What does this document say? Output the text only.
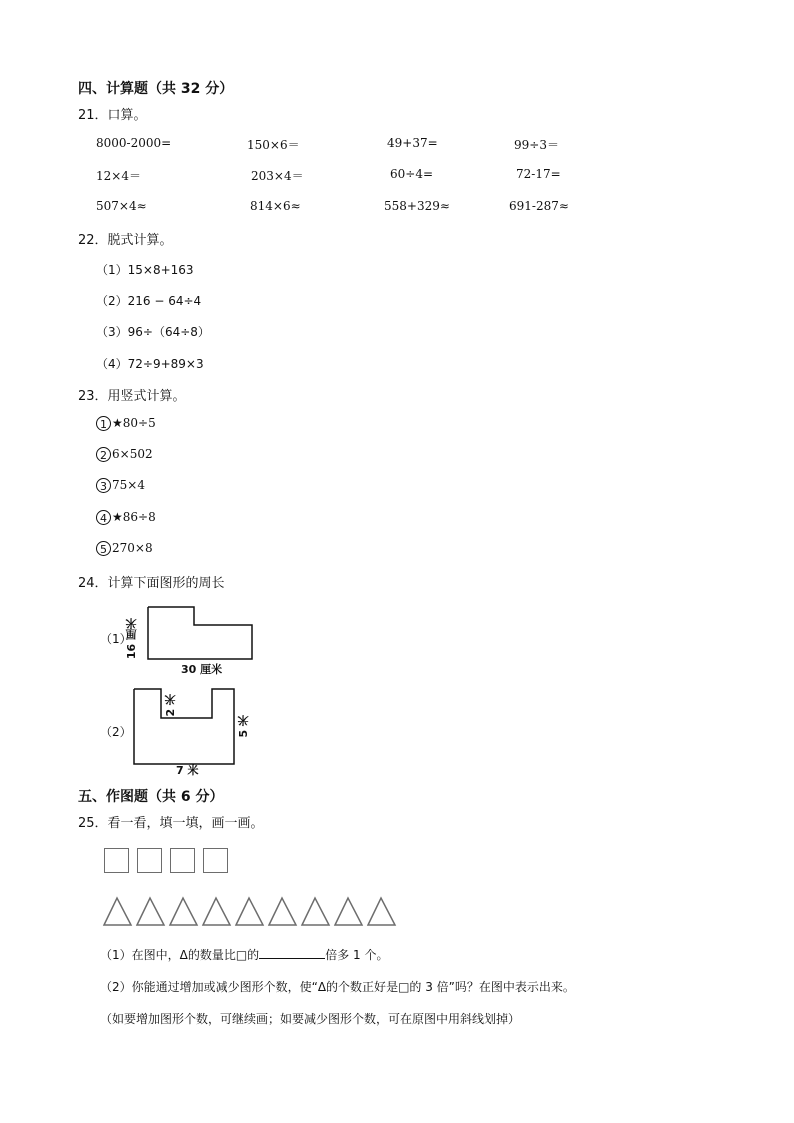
四、计算题（共 32 分）
21．口算。
8000-2000=	150×6＝	49+37=	99÷3＝
12×4＝	203×4＝	60÷4=	72-17=
507×4≈	814×6≈	558+329≈	691-287≈
22．脱式计算。
（1）15×8+163
（2）216 − 64÷4
（3）96÷（64÷8）
（4）72÷9+89×3
23．用竖式计算。
1 ★80÷5
2 6×502
3 75×4
4 ★86÷8
5 270×8
24．计算下面图形的周长
（1）
16 厘米
30 厘米
（2）
2 米
5 米
7 米
五、作图题（共 6 分）
25．看一看，填一填，画一画。
（1）在图中，Δ的数量比□的	倍多 1 个。
（2）你能通过增加或减少图形个数，使“Δ的个数正好是□的 3 倍”吗？在图中表示出来。
（如要增加图形个数，可继续画；如要减少图形个数，可在原图中用斜线划掉）
